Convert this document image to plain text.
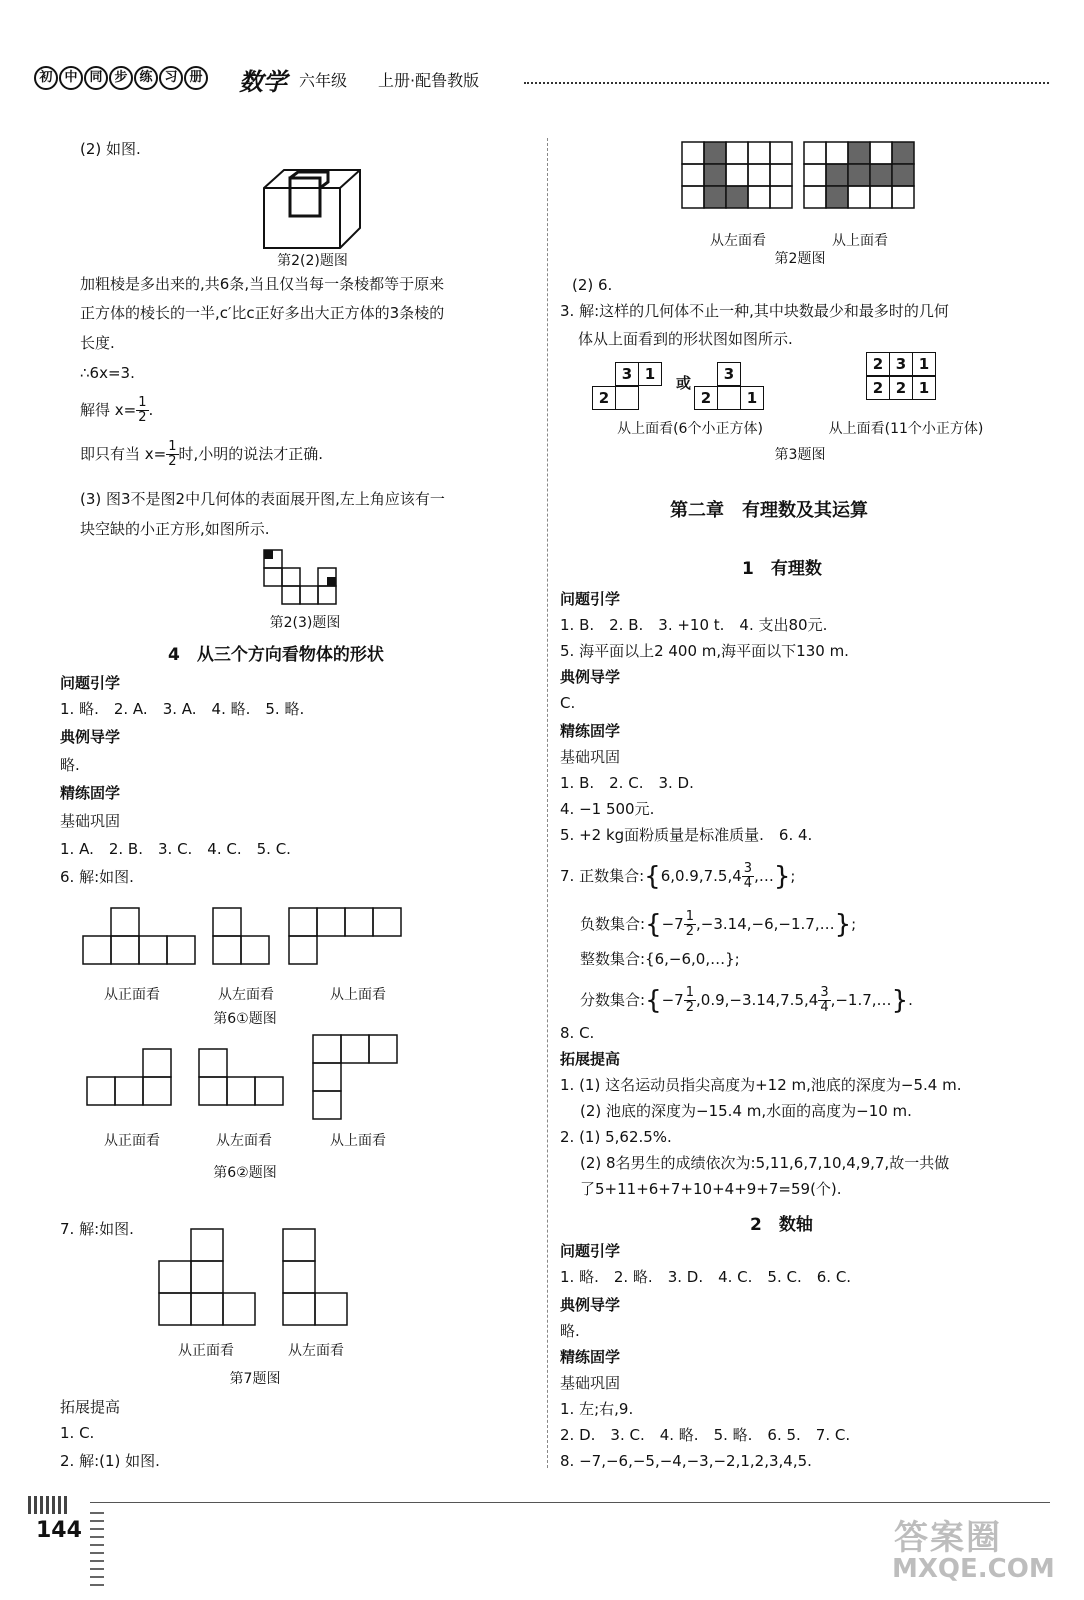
初 中 同 步 练 习 册 数学 六年级 上册·配鲁教版
(2) 如图.
第2(2)题图
加粗棱是多出来的,共6条,当且仅当每一条棱都等于原来
正方体的棱长的一半,c′比c正好多出大正方体的3条棱的
长度.
∴6x=3.
解得 $x= \frac{1}{2}$ .
即只有当 $x= \frac{1}{2}$ 时,小明的说法才正确.
(3) 图3不是图2中几何体的表面展开图,左上角应该有一
块空缺的小正方形,如图所示.
第2(3)题图
4　从三个方向看物体的形状
问题引学
1. 略.　2. A.　3. A.　4. 略.　5. 略.
典例导学
略.
精练固学
基础巩固
1. A.　2. B.　3. C.　4. C.　5. C.
6. 解:如图.
从正面看	从左面看	从上面看
第6①题图
从正面看	从左面看	从上面看
第6②题图
7. 解:如图.
从正面看	从左面看
第7题图
拓展提高
1. C.
2. 解:(1) 如图.
从左面看	从上面看
第2题图
(2) 6.
3. 解:这样的几何体不止一种,其中块数最少和最多时的几何
体从上面看到的形状图如图所示.
3 1
2
或	3
2	1
2 3 1
2 2 1
从上面看(6个小正方体)	从上面看(11个小正方体)
第3题图
第二章　有理数及其运算
1　有理数
问题引学
1. B.　2. B.　3. +10 t.　4. 支出80元.
5. 海平面以上2 400 m,海平面以下130 m.
典例导学
C.
精练固学
基础巩固
1. B.　2. C.　3. D.
4. −1 500元.
5. +2 kg面粉质量是标准质量.　6. 4.
7. 正数集合:{6,0.9,7.5,4 $\frac{3}{4}$ ,…};
负数集合:{−7 $\frac{1}{2}$ ,−3.14,−6,−1.7,…};
整数集合:{6,−6,0,…};
分数集合:{−7 $\frac{1}{2} ,0.9,-3.14,7.5,4 \frac{3}{4}$ ,−1.7,…}.
8. C.
拓展提高
1. (1) 这名运动员指尖高度为+12 m,池底的深度为−5.4 m.
(2) 池底的深度为−15.4 m,水面的高度为−10 m.
2. (1) 5,62.5%.
(2) 8名男生的成绩依次为:5,11,6,7,10,4,9,7,故一共做
了5+11+6+7+10+4+9+7=59(个).
2　数轴
问题引学
1. 略.　2. 略.　3. D.　4. C.　5. C.　6. C.
典例导学
略.
精练固学
基础巩固
1. 左;右,9.
2. D.　3. C.　4. 略.　5. 略.　6. 5.　7. C.
8. −7,−6,−5,−4,−3,−2,1,2,3,4,5.
144	答案圈
MXQE.COM
